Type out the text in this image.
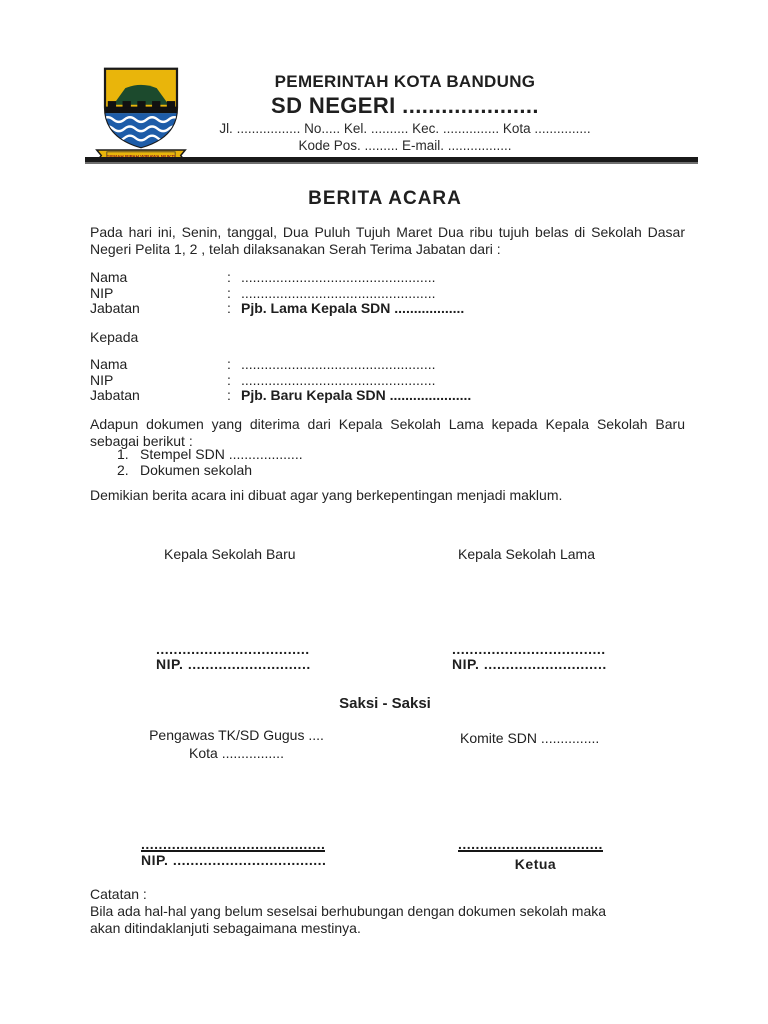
GEMAH RIPAH WIBAWA MUKTI
PEMERINTAH KOTA BANDUNG
SD NEGERI .....................
Jl. ................. No..... Kel. .......... Kec. ............... Kota ...............
Kode Pos. ......... E-mail. .................
BERITA ACARA
Pada hari ini, Senin, tanggal, Dua Puluh Tujuh Maret Dua ribu tujuh belas di Sekolah Dasar Negeri Pelita 1, 2 , telah dilaksanakan Serah Terima Jabatan dari :
Nama	: ..................................................
NIP	: ..................................................
Jabatan	: Pjb. Lama Kepala SDN ..................
Kepada
Nama	: ..................................................
NIP	: ..................................................
Jabatan	: Pjb. Baru Kepala SDN .....................
Adapun dokumen yang diterima dari Kepala Sekolah Lama kepada Kepala Sekolah Baru sebagai berikut :
1. Stempel SDN ...................
2. Dokumen sekolah
Demikian berita acara ini dibuat agar yang berkepentingan menjadi maklum.
Kepala Sekolah Baru	Kepala Sekolah Lama
...................................
NIP. ............................
...................................
NIP. ............................
Saksi - Saksi
Pengawas TK/SD Gugus ....
Kota ................
Komite SDN ...............
..........................................
NIP. ...................................
.................................
Ketua
Catatan :
Bila ada hal-hal yang belum seselsai berhubungan dengan dokumen sekolah maka
akan ditindaklanjuti sebagaimana mestinya.
